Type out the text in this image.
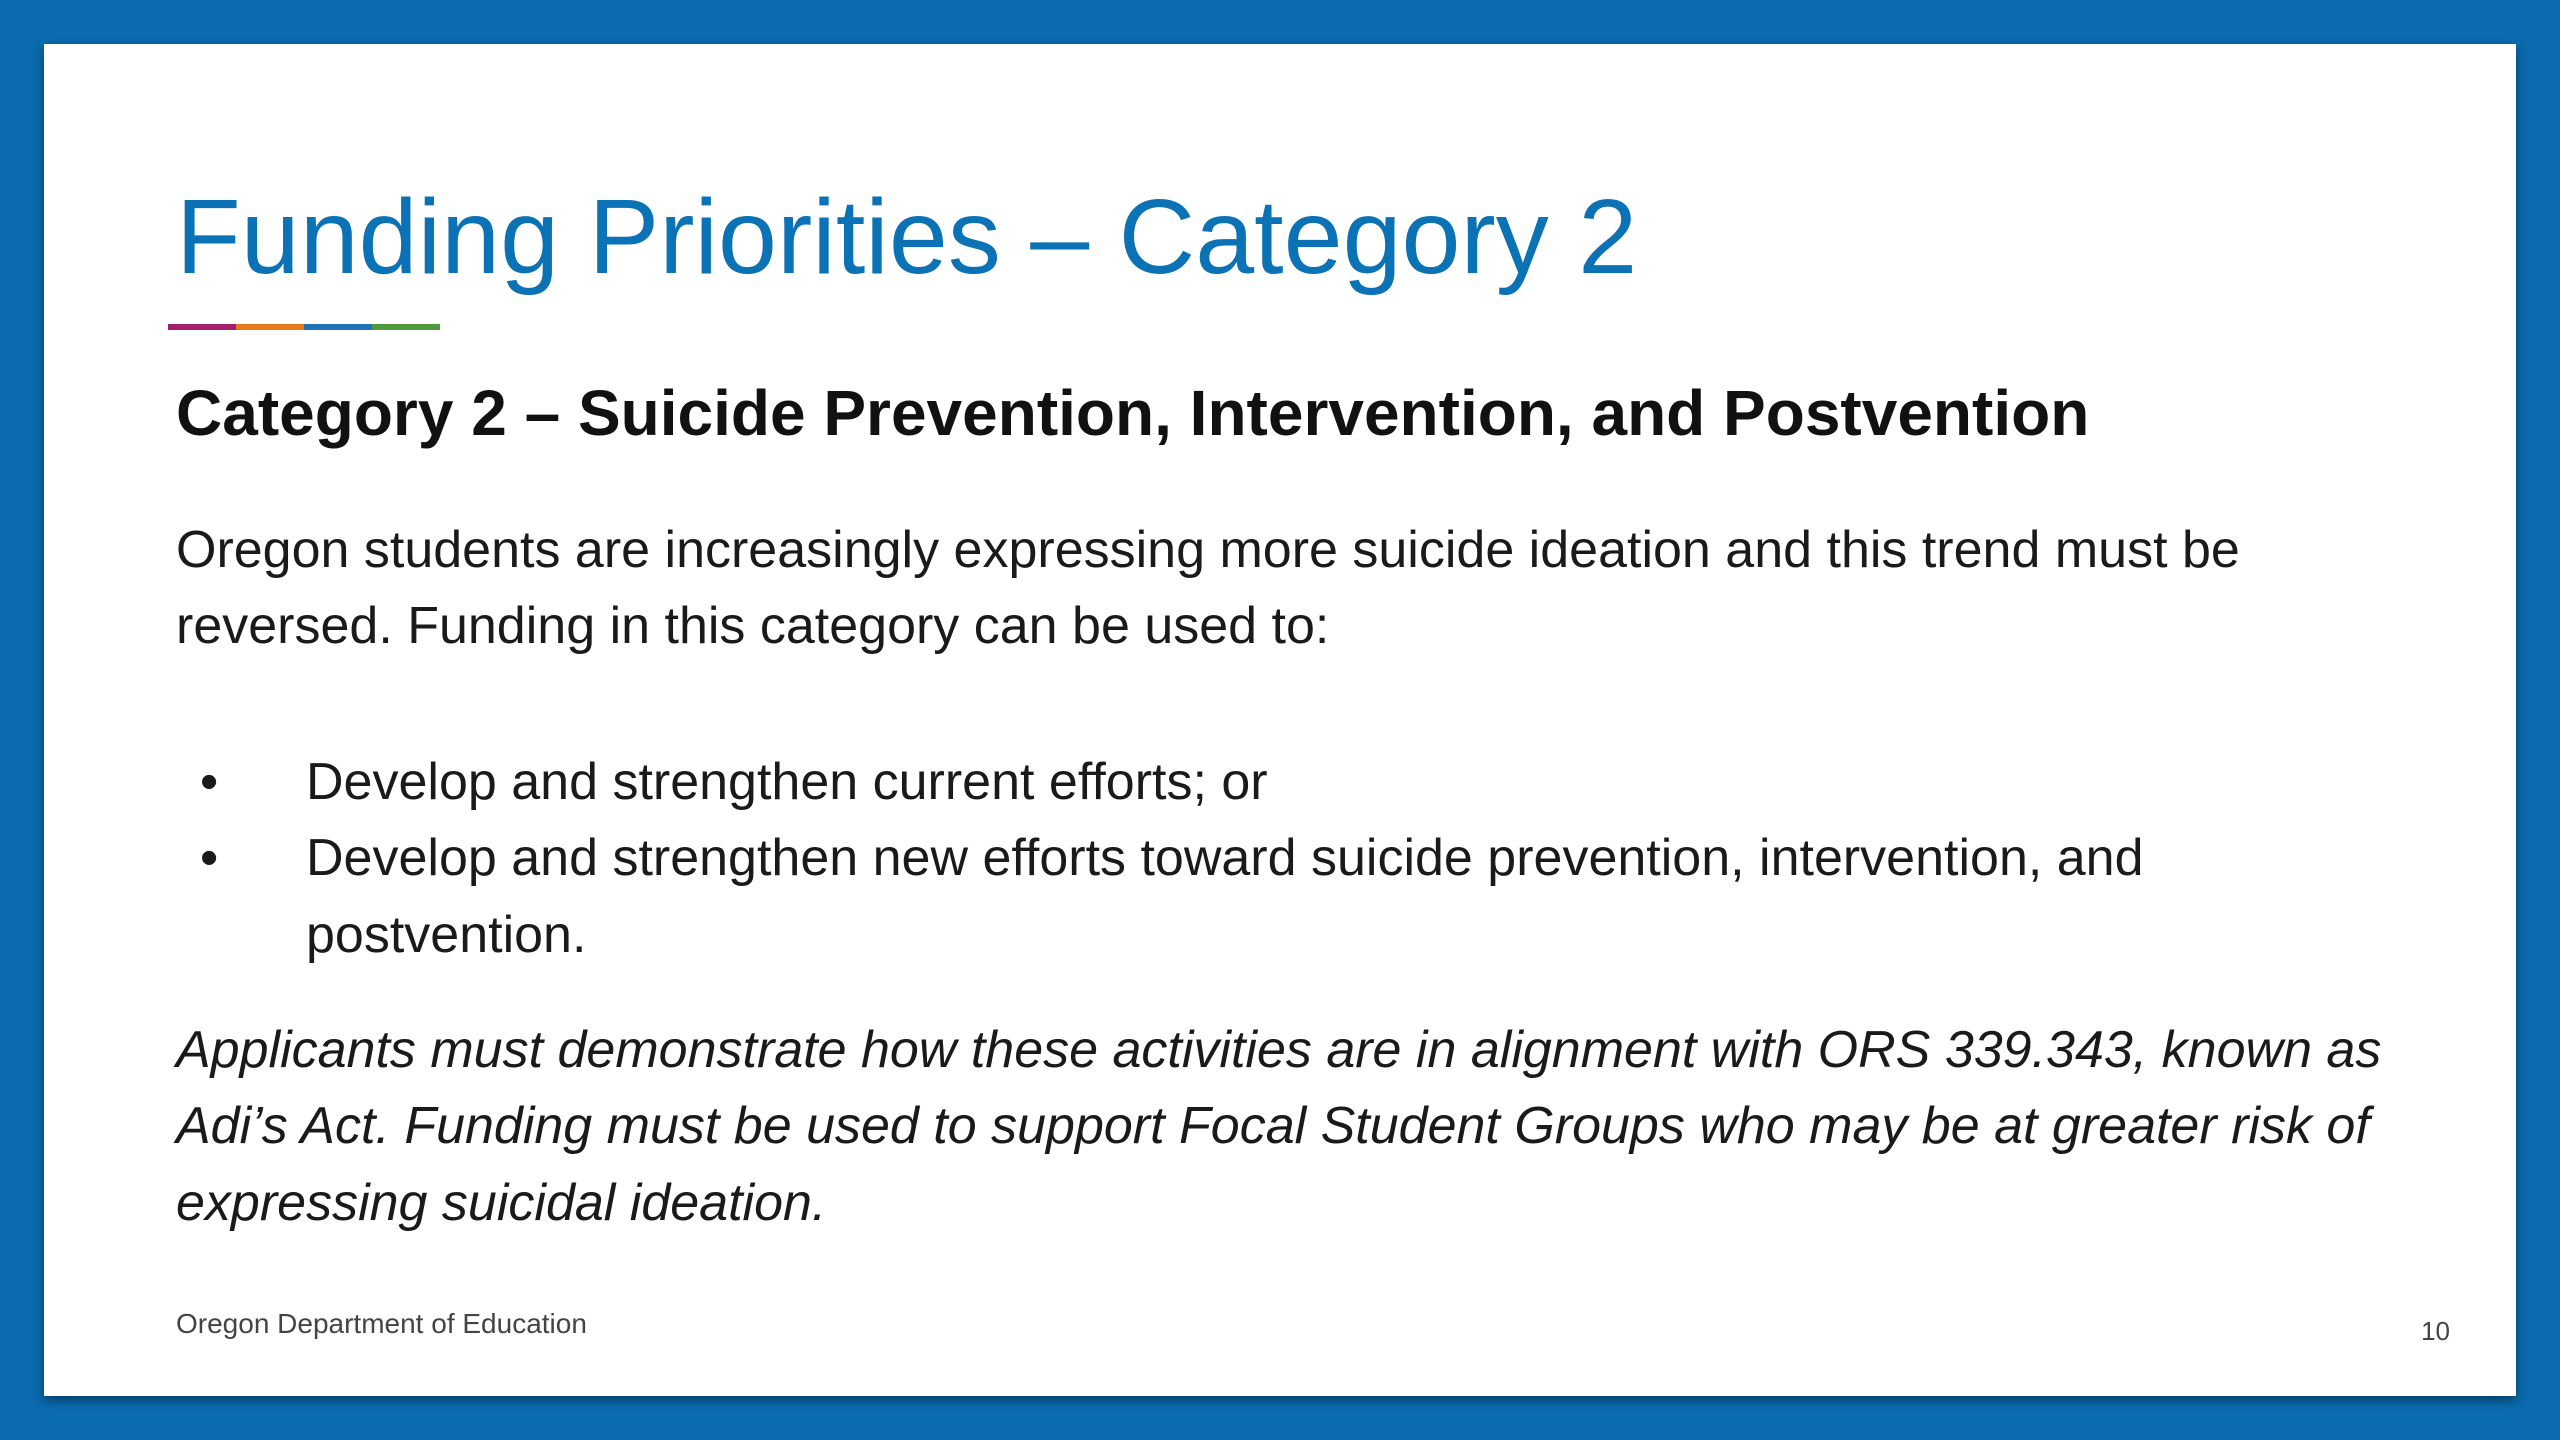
Funding Priorities – Category 2
Category 2 – Suicide Prevention, Intervention, and Postvention

Oregon students are increasingly expressing more suicide ideation and this trend must be reversed. Funding in this category can be used to:

• Develop and strengthen current efforts; or
• Develop and strengthen new efforts toward suicide prevention, intervention, and postvention.

Applicants must demonstrate how these activities are in alignment with ORS 339.343, known as Adi’s Act. Funding must be used to support Focal Student Groups who may be at greater risk of expressing suicidal ideation.

Oregon Department of Education	10
